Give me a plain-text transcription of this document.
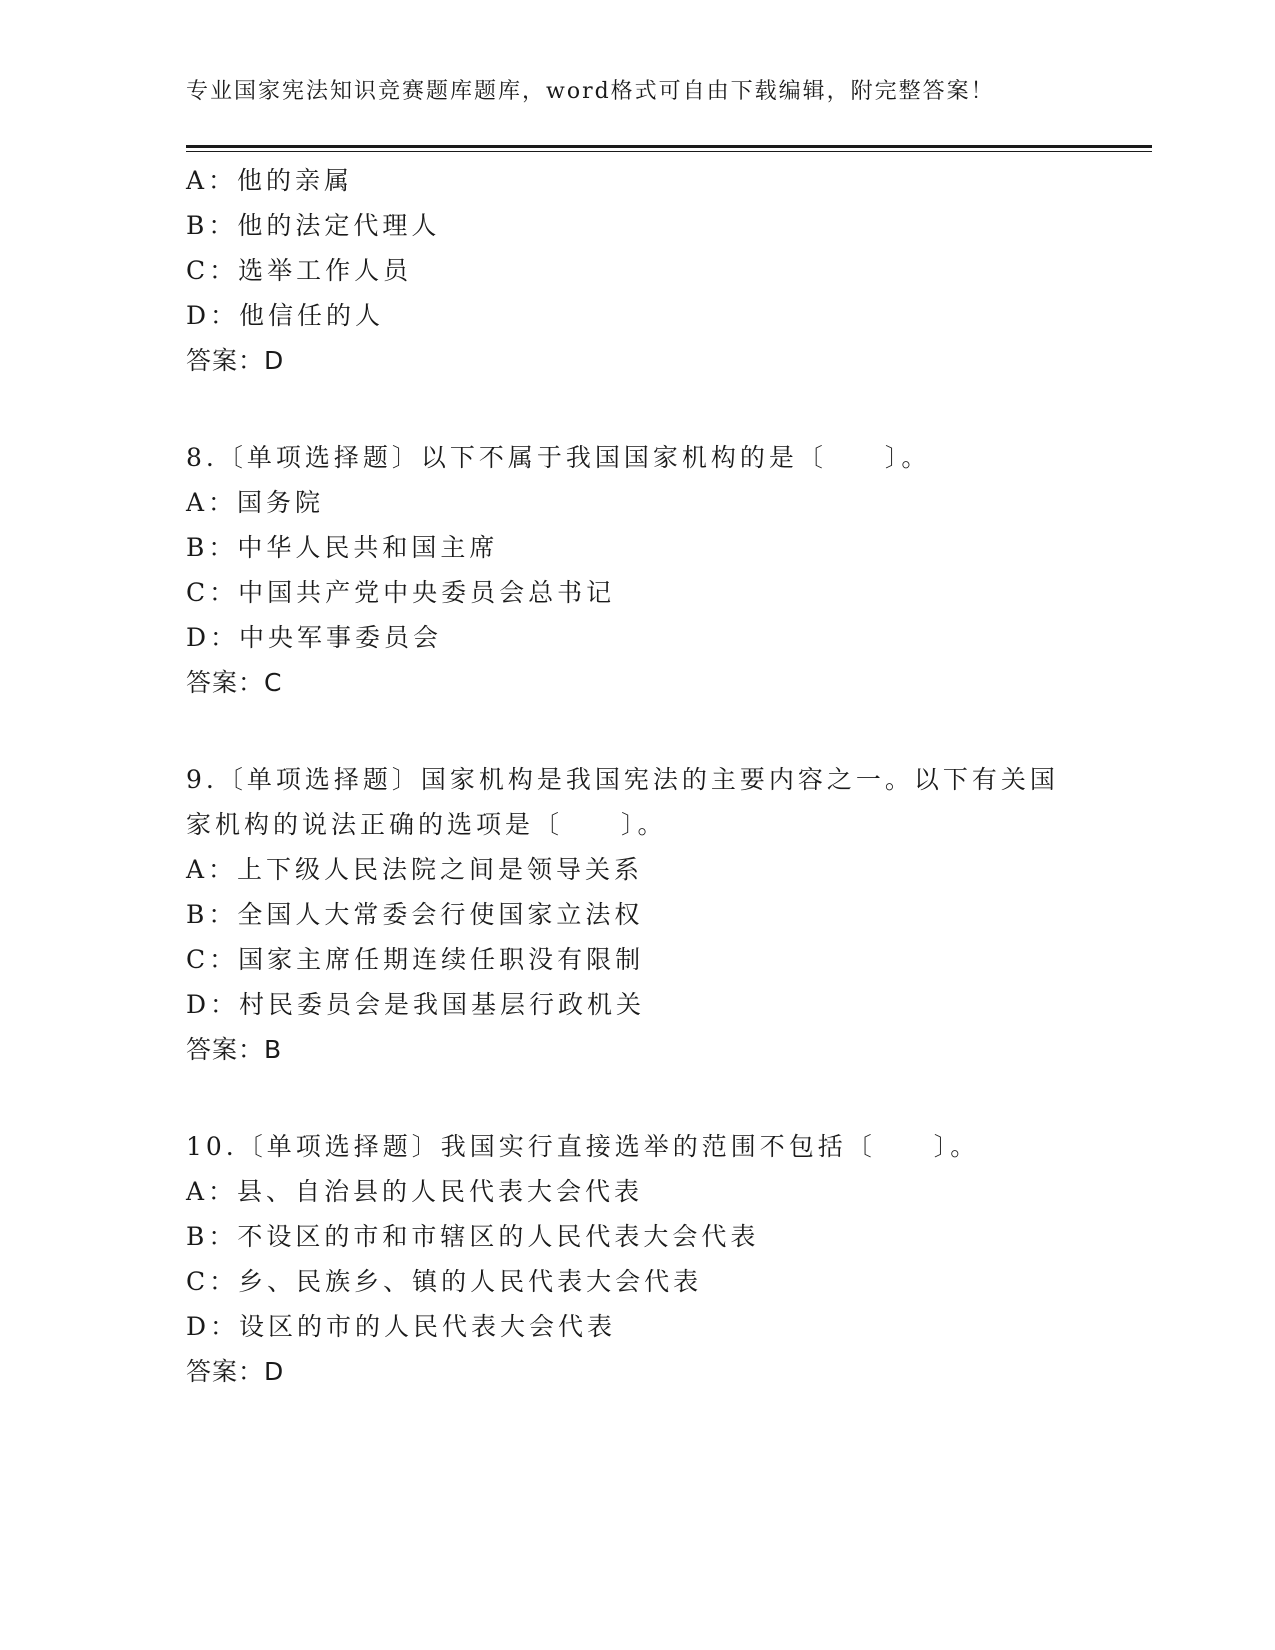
专业国家宪法知识竞赛题库题库，word格式可自由下载编辑，附完整答案！
A：他的亲属
B：他的法定代理人
C：选举工作人员
D：他信任的人
答案：D
8.〔单项选择题〕以下不属于我国国家机构的是〔　　〕。
A：国务院
B：中华人民共和国主席
C：中国共产党中央委员会总书记
D：中央军事委员会
答案：C
9.〔单项选择题〕国家机构是我国宪法的主要内容之一。以下有关国
家机构的说法正确的选项是〔　　〕。
A：上下级人民法院之间是领导关系
B：全国人大常委会行使国家立法权
C：国家主席任期连续任职没有限制
D：村民委员会是我国基层行政机关
答案：B
10.〔单项选择题〕我国实行直接选举的范围不包括〔　　〕。
A：县、自治县的人民代表大会代表
B：不设区的市和市辖区的人民代表大会代表
C：乡、民族乡、镇的人民代表大会代表
D：设区的市的人民代表大会代表
答案：D
